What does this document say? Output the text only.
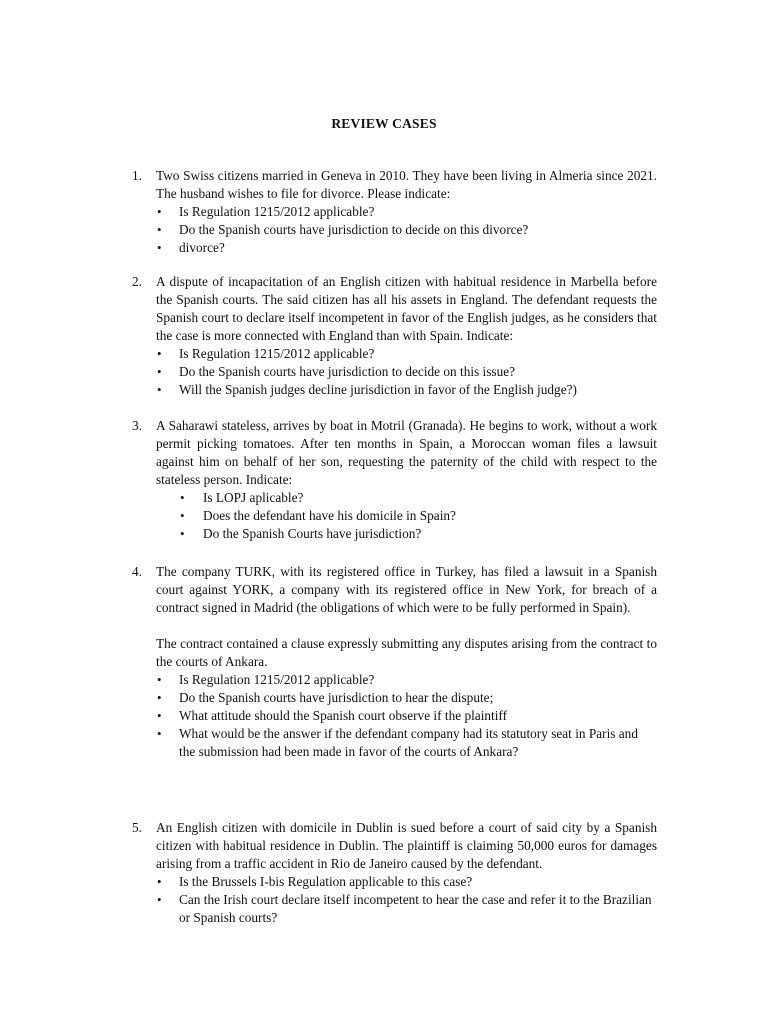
REVIEW CASES
1. Two Swiss citizens married in Geneva in 2010. They have been living in Almeria since 2021. The husband wishes to file for divorce. Please indicate:

• Is Regulation 1215/2012 applicable?
• Do the Spanish courts have jurisdiction to decide on this divorce?
• divorce?
2. A dispute of incapacitation of an English citizen with habitual residence in Marbella before the Spanish courts. The said citizen has all his assets in England. The defendant requests the Spanish court to declare itself incompetent in favor of the English judges, as he considers that the case is more connected with England than with Spain. Indicate:

• Is Regulation 1215/2012 applicable?
• Do the Spanish courts have jurisdiction to decide on this issue?
• Will the Spanish judges decline jurisdiction in favor of the English judge?)
3. A Saharawi stateless, arrives by boat in Motril (Granada). He begins to work, without a work permit picking tomatoes. After ten months in Spain, a Moroccan woman files a lawsuit against him on behalf of her son, requesting the paternity of the child with respect to the stateless person. Indicate:

• Is LOPJ aplicable?
• Does the defendant have his domicile in Spain?
• Do the Spanish Courts have jurisdiction?
4. The company TURK, with its registered office in Turkey, has filed a lawsuit in a Spanish court against YORK, a company with its registered office in New York, for breach of a contract signed in Madrid (the obligations of which were to be fully performed in Spain).

The contract contained a clause expressly submitting any disputes arising from the contract to the courts of Ankara.

• Is Regulation 1215/2012 applicable?
• Do the Spanish courts have jurisdiction to hear the dispute;
• What attitude should the Spanish court observe if the plaintiff
• What would be the answer if the defendant company had its statutory seat in Paris and the submission had been made in favor of the courts of Ankara?
5. An English citizen with domicile in Dublin is sued before a court of said city by a Spanish citizen with habitual residence in Dublin. The plaintiff is claiming 50,000 euros for damages arising from a traffic accident in Rio de Janeiro caused by the defendant.

• Is the Brussels I-bis Regulation applicable to this case?
• Can the Irish court declare itself incompetent to hear the case and refer it to the Brazilian or Spanish courts?
